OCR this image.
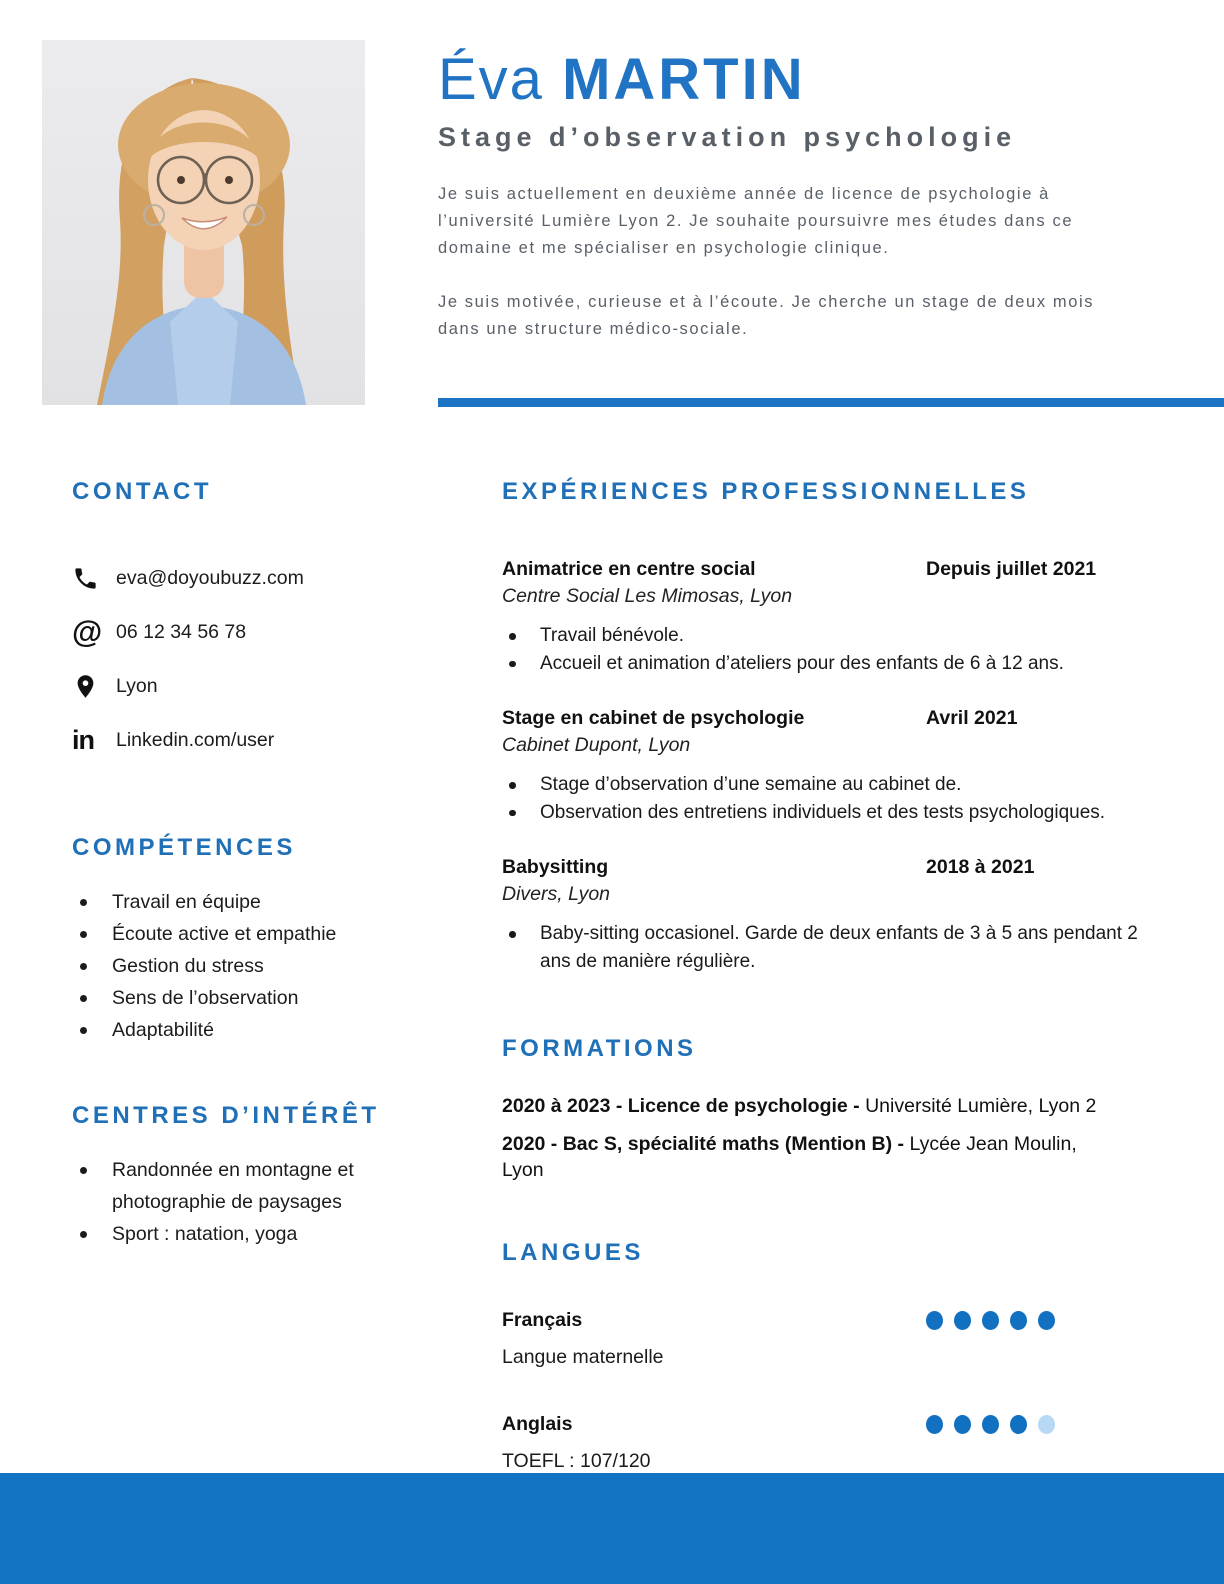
Éva MARTIN
Stage d’observation psychologie

Je suis actuellement en deuxième année de licence de psychologie à l’université Lumière Lyon 2. Je souhaite poursuivre mes études dans ce domaine et me spécialiser en psychologie clinique.

Je suis motivée, curieuse et à l’écoute. Je cherche un stage de deux mois dans une structure médico-sociale.

CONTACT
eva@doyoubuzz.com
@ 06 12 34 56 78
Lyon
in Linkedin.com/user
COMPÉTENCES
Travail en équipe
Écoute active et empathie
Gestion du stress
Sens de l’observation
Adaptabilité
CENTRES D’INTÉRÊT
Randonnée en montagne et photographie de paysages
Sport : natation, yoga
EXPÉRIENCES PROFESSIONNELLES
Animatrice en centre social	Depuis juillet 2021
Centre Social Les Mimosas, Lyon
Travail bénévole.
Accueil et animation d’ateliers pour des enfants de 6 à 12 ans.
Stage en cabinet de psychologie	Avril 2021
Cabinet Dupont, Lyon
Stage d’observation d’une semaine au cabinet de.
Observation des entretiens individuels et des tests psychologiques.
Babysitting	2018 à 2021
Divers, Lyon
Baby-sitting occasionel. Garde de deux enfants de 3 à 5 ans pendant 2 ans de manière régulière.
FORMATIONS
2020 à 2023 - Licence de psychologie - Université Lumière, Lyon 2
2020 - Bac S, spécialité maths (Mention B) - Lycée Jean Moulin, Lyon
LANGUES
Français
Langue maternelle
Anglais
TOEFL : 107/120
